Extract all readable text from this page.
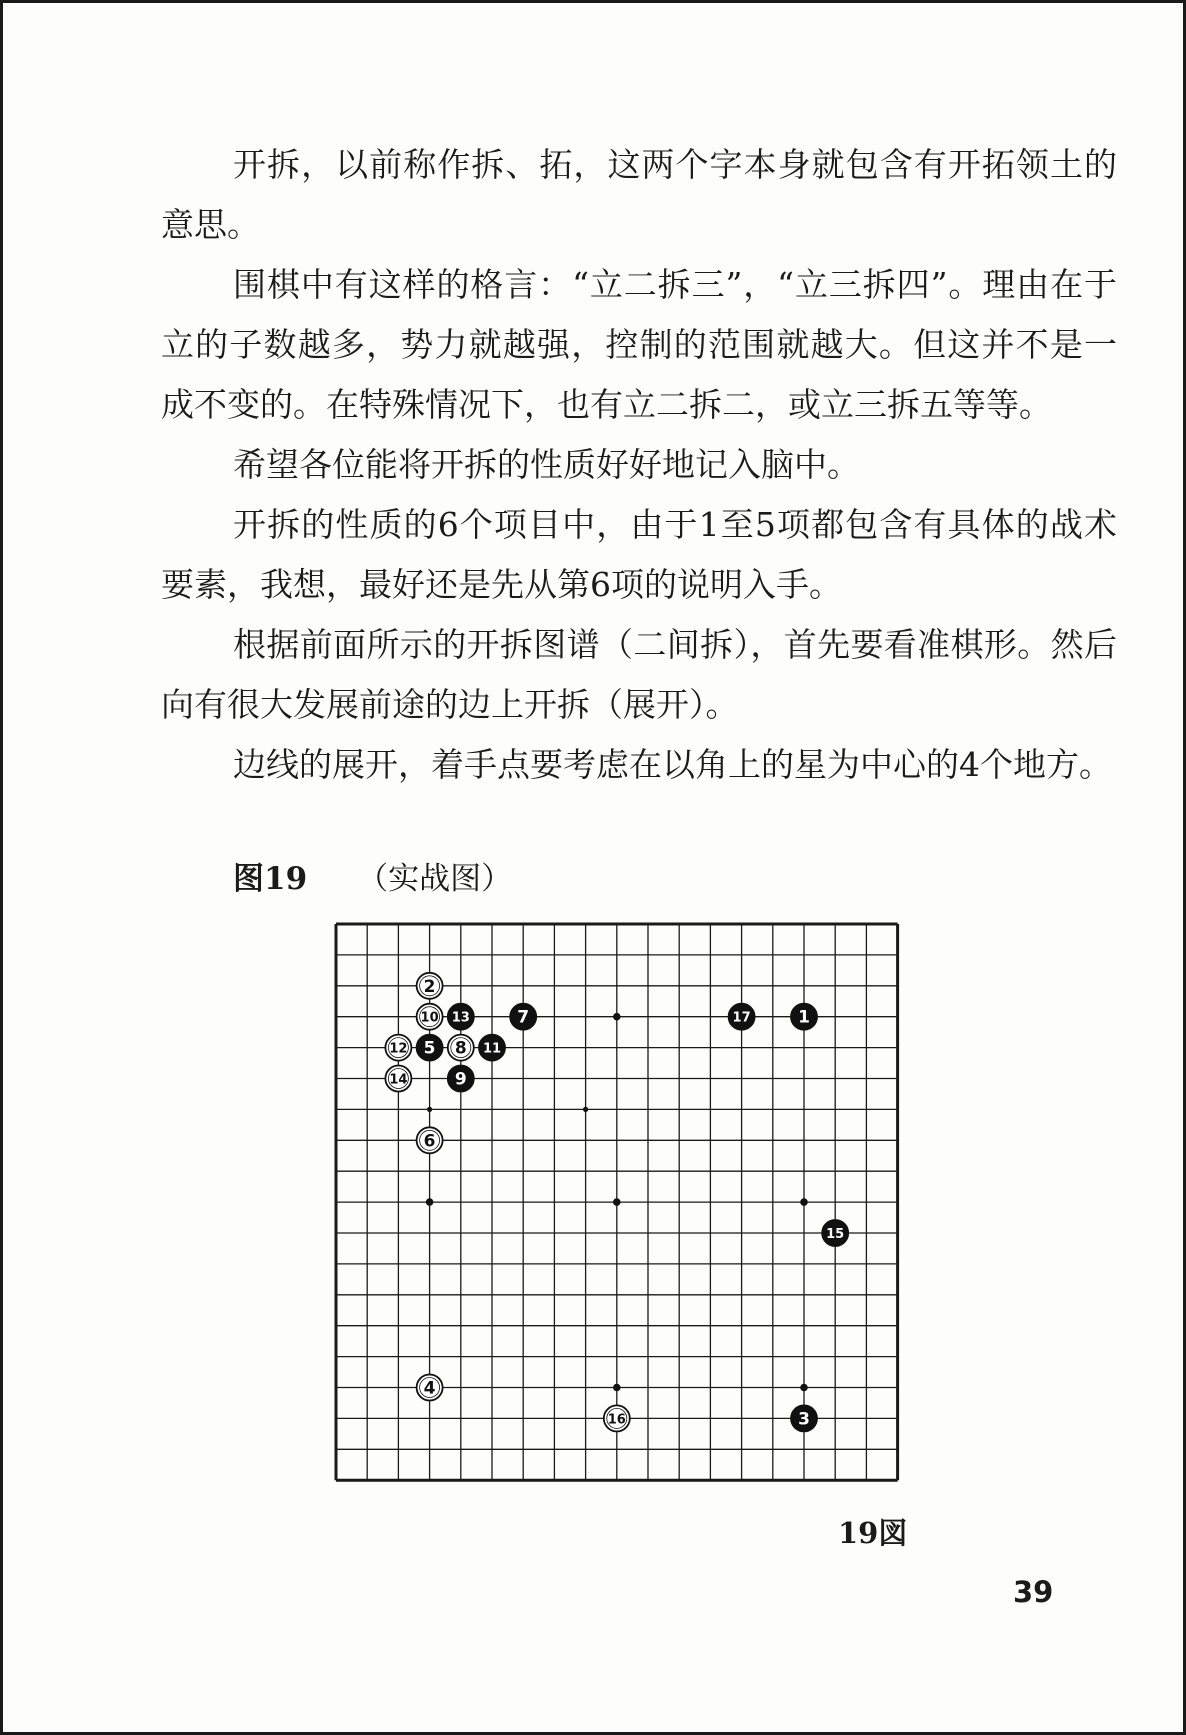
开拆，以前称作拆、拓，这两个字本身就包含有开拓领土的意思。

围棋中有这样的格言：“立二拆三”，“立三拆四”。理由在于立的子数越多，势力就越强，控制的范围就越大。但这并不是一成不变的。在特殊情况下，也有立二拆二，或立三拆五等等。

希望各位能将开拆的性质好好地记入脑中。

开拆的性质的6个项目中，由于1至5项都包含有具体的战术要素，我想，最好还是先从第6项的说明入手。

根据前面所示的开拆图谱（二间拆），首先要看准棋形。然后向有很大发展前途的边上开拆（展开）。

边线的展开，着手点要考虑在以角上的星为中心的4个地方。

图19 （实战图）
1
2
3
4
5
6
7
8
9
10
11
12
13
14
15
16
17
19図
39
